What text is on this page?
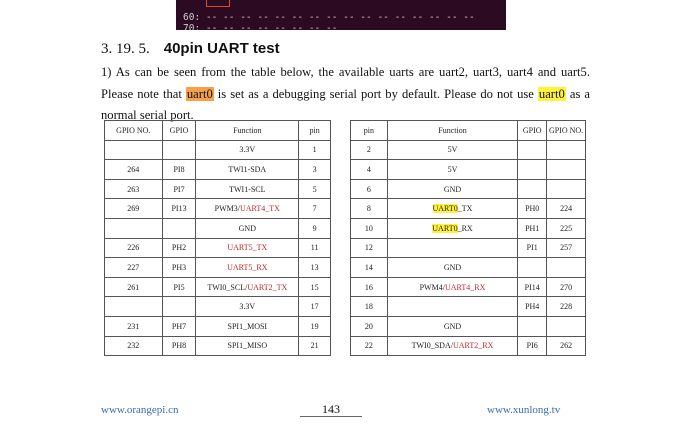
60: -- -- -- -- -- -- -- -- -- -- -- -- -- -- -- --
70: -- -- -- -- -- -- -- --
3. 19. 5. 40pin UART test
1) As can be seen from the table below, the available uarts are uart2, uart3, uart4 and uart5. Please note that uart0 is set as a debugging serial port by default. Please do not use uart0 as a normal serial port.
GPIO NO.	GPIO	Function	pin
		3.3V	1
264	PI8	TWI1-SDA	3
263	PI7	TWI1-SCL	5
269	PI13	PWM3/UART4_TX	7
		GND	9
226	PH2	UART5_TX	11
227	PH3	UART5_RX	13
261	PI5	TWI0_SCL/UART2_TX	15
		3.3V	17
231	PH7	SPI1_MOSI	19
232	PH8	SPI1_MISO	21
pin	Function	GPIO	GPIO NO.
2	5V		
4	5V		
6	GND		
8	UART0_TX	PH0	224
10	UART0_RX	PH1	225
12		PI1	257
14	GND		
16	PWM4/UART4_RX	PI14	270
18		PH4	228
20	GND		
22	TWI0_SDA/UART2_RX	PI6	262
www.orangepi.cn	143	www.xunlong.tv
